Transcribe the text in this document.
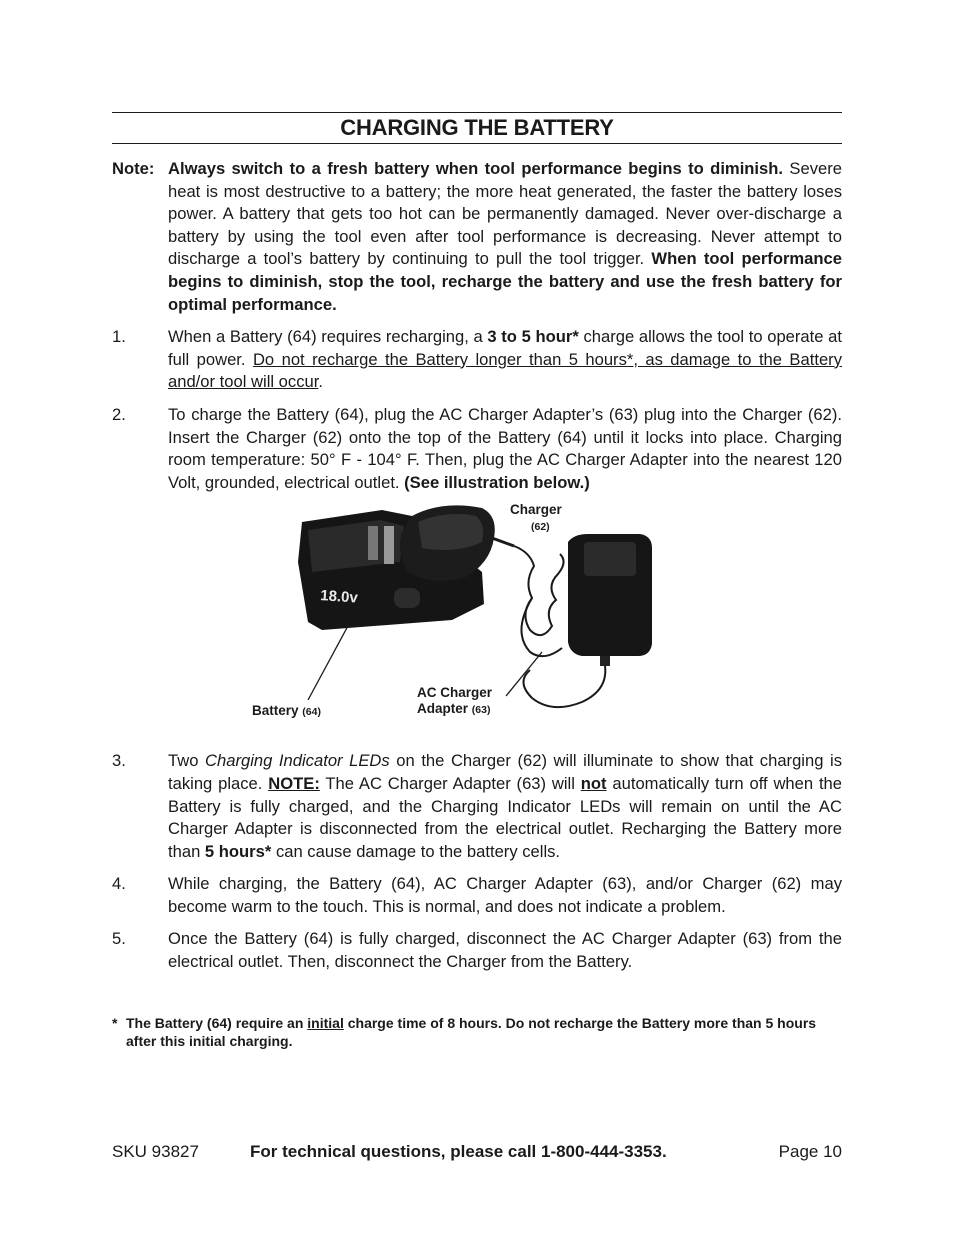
CHARGING THE BATTERY
Note: Always switch to a fresh battery when tool performance begins to diminish. Severe heat is most destructive to a battery; the more heat generated, the faster the battery loses power. A battery that gets too hot can be permanently damaged. Never over-discharge a battery by using the tool even after tool performance is decreasing. Never attempt to discharge a tool’s battery by continuing to pull the tool trigger. When tool performance begins to diminish, stop the tool, recharge the battery and use the fresh battery for optimal performance.
1.	When a Battery (64) requires recharging, a 3 to 5 hour* charge allows the tool to operate at full power. Do not recharge the Battery longer than 5 hours*, as damage to the Battery and/or tool will occur.
2.	To charge the Battery (64), plug the AC Charger Adapter’s (63) plug into the Charger (62). Insert the Charger (62) onto the top of the Battery (64) until it locks into place. Charging room temperature: 50° F - 104° F. Then, plug the AC Charger Adapter into the nearest 120 Volt, grounded, electrical outlet. (See illustration below.)
18.0v
Charger
(62)
AC Charger
Adapter (63)
Battery (64)
3.	Two Charging Indicator LEDs on the Charger (62) will illuminate to show that charging is taking place. NOTE: The AC Charger Adapter (63) will not automatically turn off when the Battery is fully charged, and the Charging Indicator LEDs will remain on until the AC Charger Adapter is disconnected from the electrical outlet. Recharging the Battery more than 5 hours* can cause damage to the battery cells.
4.	While charging, the Battery (64), AC Charger Adapter (63), and/or Charger (62) may become warm to the touch. This is normal, and does not indicate a problem.
5.	Once the Battery (64) is fully charged, disconnect the AC Charger Adapter (63) from the electrical outlet. Then, disconnect the Charger from the Battery.
* The Battery (64) require an initial charge time of 8 hours. Do not recharge the Battery more than 5 hours after this initial charging.
SKU 93827	For technical questions, please call 1-800-444-3353.	Page 10
